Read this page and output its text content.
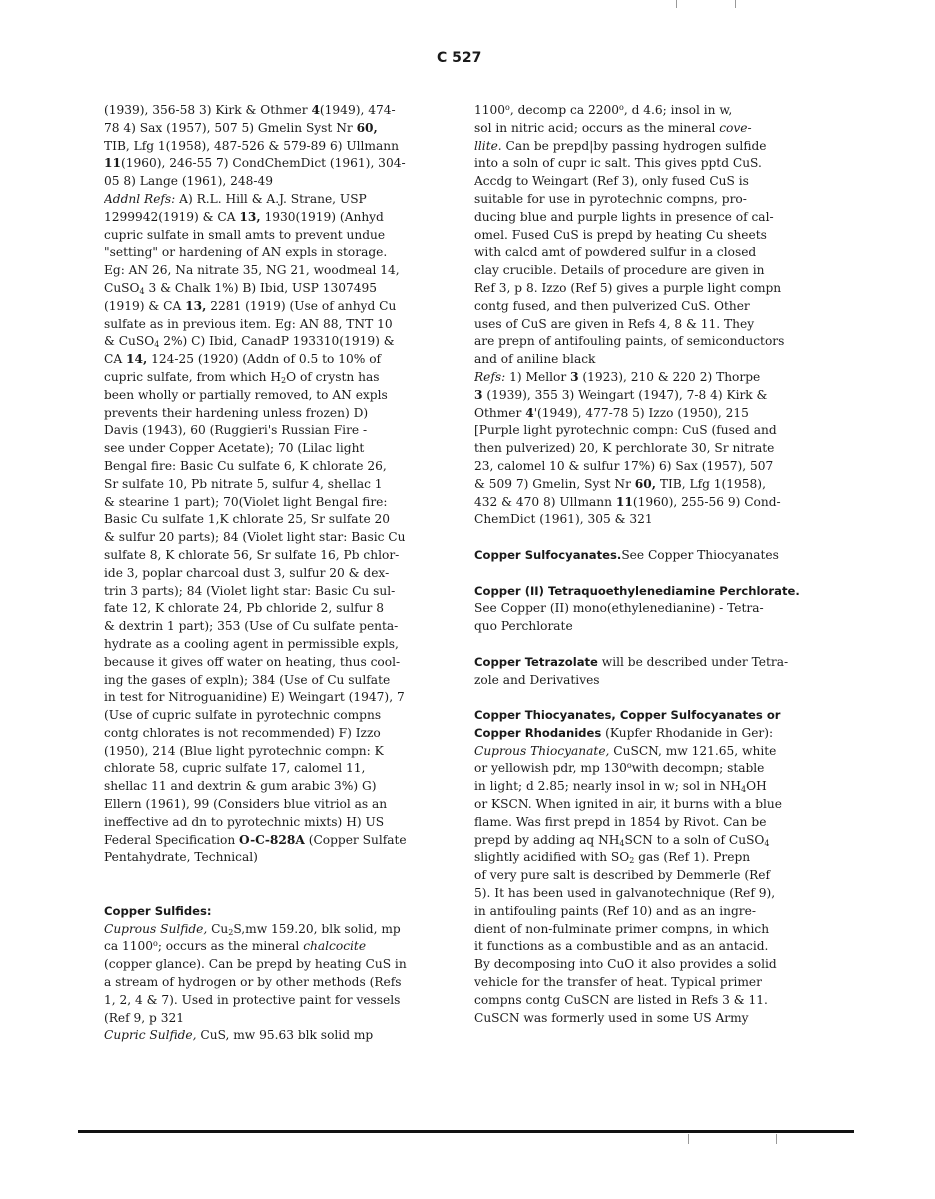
C 527
(1939), 356-58 3) Kirk & Othmer 4(1949), 474-
78 4) Sax (1957), 507 5) Gmelin Syst Nr 60,
TIB, Lfg 1(1958), 487-526 & 579-89 6) Ullmann
11(1960), 246-55 7) CondChemDict (1961), 304-
05 8) Lange (1961), 248-49
Addnl Refs: A) R.L. Hill & A.J. Strane, USP
1299942(1919) & CA 13, 1930(1919) (Anhyd
cupric sulfate in small amts to prevent undue
"setting" or hardening of AN expls in storage.
Eg: AN 26, Na nitrate 35, NG 21, woodmeal 14,
CuSO$_4$ 3 & Chalk 1%) B) Ibid, USP 1307495
(1919) & CA 13, 2281 (1919) (Use of anhyd Cu
sulfate as in previous item. Eg: AN 88, TNT 10
& CuSO$_4$ 2%) C) Ibid, CanadP 193310(1919) &
CA 14, 124-25 (1920) (Addn of 0.5 to 10% of
cupric sulfate, from which $H_2O$ of crystn has
been wholly or partially removed, to AN expls
prevents their hardening unless frozen) D)
Davis (1943), 60 (Ruggieri's Russian Fire -
see under Copper Acetate); 70 (Lilac light
Bengal fire: Basic Cu sulfate 6, K chlorate 26,
Sr sulfate 10, Pb nitrate 5, sulfur 4, shellac 1
& stearine 1 part); 70(Violet light Bengal fire:
Basic Cu sulfate 1,K chlorate 25, Sr sulfate 20
& sulfur 20 parts); 84 (Violet light star: Basic Cu
sulfate 8, K chlorate 56, Sr sulfate 16, Pb chlor-
ide 3, poplar charcoal dust 3, sulfur 20 & dex-
trin 3 parts); 84 (Violet light star: Basic Cu sul-
fate 12, K chlorate 24, Pb chloride 2, sulfur 8
& dextrin 1 part); 353 (Use of Cu sulfate penta-
hydrate as a cooling agent in permissible expls,
because it gives off water on heating, thus cool-
ing the gases of expln); 384 (Use of Cu sulfate
in test for Nitroguanidine) E) Weingart (1947), 7
(Use of cupric sulfate in pyrotechnic compns
contg chlorates is not recommended) F) Izzo
(1950), 214 (Blue light pyrotechnic compn: K
chlorate 58, cupric sulfate 17, calomel 11,
shellac 11 and dextrin & gum arabic 3%) G)
Ellern (1961), 99 (Considers blue vitriol as an
ineffective ad dn to pyrotechnic mixts) H) US
Federal Specification O-C-828A (Copper Sulfate
Pentahydrate, Technical)
Copper Sulfides:
Cuprous Sulfide, $Cu_2S,mw$ 159.20, blk solid, mp
ca 1100$^o$; occurs as the mineral chalcocite
(copper glance). Can be prepd by heating CuS in
a stream of hydrogen or by other methods (Refs
1, 2, 4 & 7). Used in protective paint for vessels
(Ref 9, p 321
Cupric Sulfide, CuS, mw 95.63 blk solid mp
1100$^o$, decomp ca 2200$^o$, d 4.6; insol in w,
sol in nitric acid; occurs as the mineral cove-
llite. Can be prepd|by passing hydrogen sulfide
into a soln of cupr ic salt. This gives pptd CuS.
Accdg to Weingart (Ref 3), only fused CuS is
suitable for use in pyrotechnic compns, pro-
ducing blue and purple lights in presence of cal-
omel. Fused CuS is prepd by heating Cu sheets
with calcd amt of powdered sulfur in a closed
clay crucible. Details of procedure are given in
Ref 3, p 8. Izzo (Ref 5) gives a purple light compn
contg fused, and then pulverized CuS. Other
uses of CuS are given in Refs 4, 8 & 11. They
are prepn of antifouling paints, of semiconductors
and of aniline black
Refs: 1) Mellor 3 (1923), 210 & 220 2) Thorpe
3 (1939), 355 3) Weingart (1947), 7-8 4) Kirk &
Othmer 4'(1949), 477-78 5) Izzo (1950), 215
[Purple light pyrotechnic compn: CuS (fused and
then pulverized) 20, K perchlorate 30, Sr nitrate
23, calomel 10 & sulfur 17%) 6) Sax (1957), 507
& 509 7) Gmelin, Syst Nr 60, TIB, Lfg 1(1958),
432 & 470 8) Ullmann 11(1960), 255-56 9) Cond-
ChemDict (1961), 305 & 321
Copper Sulfocyanates.See Copper Thiocyanates
Copper (II) Tetraquoethylenediamine Perchlorate.
See Copper (II) mono(ethylenedianine) - Tetra-
quo Perchlorate
Copper Tetrazolate will be described under Tetra-
zole and Derivatives
Copper Thiocyanates, Copper Sulfocyanates or
Copper Rhodanides (Kupfer Rhodanide in Ger):
Cuprous Thiocyanate, CuSCN, mw 121.65, white
or yellowish pdr, mp 130$^o$with decompn; stable
in light; d 2.85; nearly insol in w; sol in $NH_4OH$
or KSCN. When ignited in air, it burns with a blue
flame. Was first prepd in 1854 by Rivot. Can be
prepd by adding aq $NH_4SCN$ to a soln of CuSO$_4$
slightly acidified with $SO_2$ gas (Ref 1). Prepn
of very pure salt is described by Demmerle (Ref
5). It has been used in galvanotechnique (Ref 9),
in antifouling paints (Ref 10) and as an ingre-
dient of non-fulminate primer compns, in which
it functions as a combustible and as an antacid.
By decomposing into CuO it also provides a solid
vehicle for the transfer of heat. Typical primer
compns contg CuSCN are listed in Refs 3 & 11.
CuSCN was formerly used in some US Army
